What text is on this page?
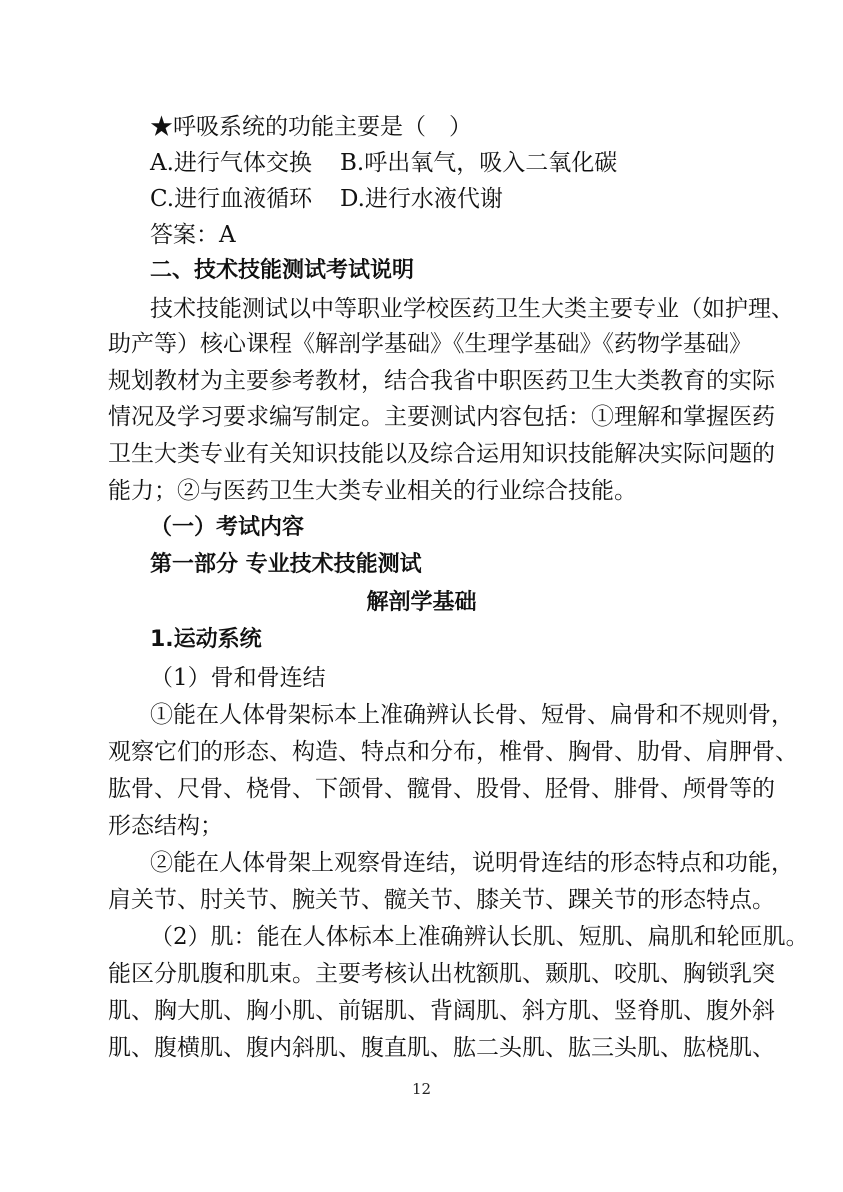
★呼吸系统的功能主要是（　）
A.进行气体交换 B.呼出氧气，吸入二氧化碳
C.进行血液循环 D.进行水液代谢
答案：A
二、技术技能测试考试说明
技术技能测试以中等职业学校医药卫生大类主要专业（如护理、
助产等）核心课程《解剖学基础》《生理学基础》《药物学基础》
规划教材为主要参考教材，结合我省中职医药卫生大类教育的实际
情况及学习要求编写制定。主要测试内容包括：①理解和掌握医药
卫生大类专业有关知识技能以及综合运用知识技能解决实际问题的
能力；②与医药卫生大类专业相关的行业综合技能。
（一）考试内容
第一部分 专业技术技能测试
解剖学基础
1.运动系统
（1）骨和骨连结
①能在人体骨架标本上准确辨认长骨、短骨、扁骨和不规则骨，
观察它们的形态、构造、特点和分布，椎骨、胸骨、肋骨、肩胛骨、
肱骨、尺骨、桡骨、下颌骨、髋骨、股骨、胫骨、腓骨、颅骨等的
形态结构；
②能在人体骨架上观察骨连结，说明骨连结的形态特点和功能，
肩关节、肘关节、腕关节、髋关节、膝关节、踝关节的形态特点。
（2）肌：能在人体标本上准确辨认长肌、短肌、扁肌和轮匝肌。
能区分肌腹和肌束。主要考核认出枕额肌、颞肌、咬肌、胸锁乳突
肌、胸大肌、胸小肌、前锯肌、背阔肌、斜方肌、竖脊肌、腹外斜
肌、腹横肌、腹内斜肌、腹直肌、肱二头肌、肱三头肌、肱桡肌、
12
